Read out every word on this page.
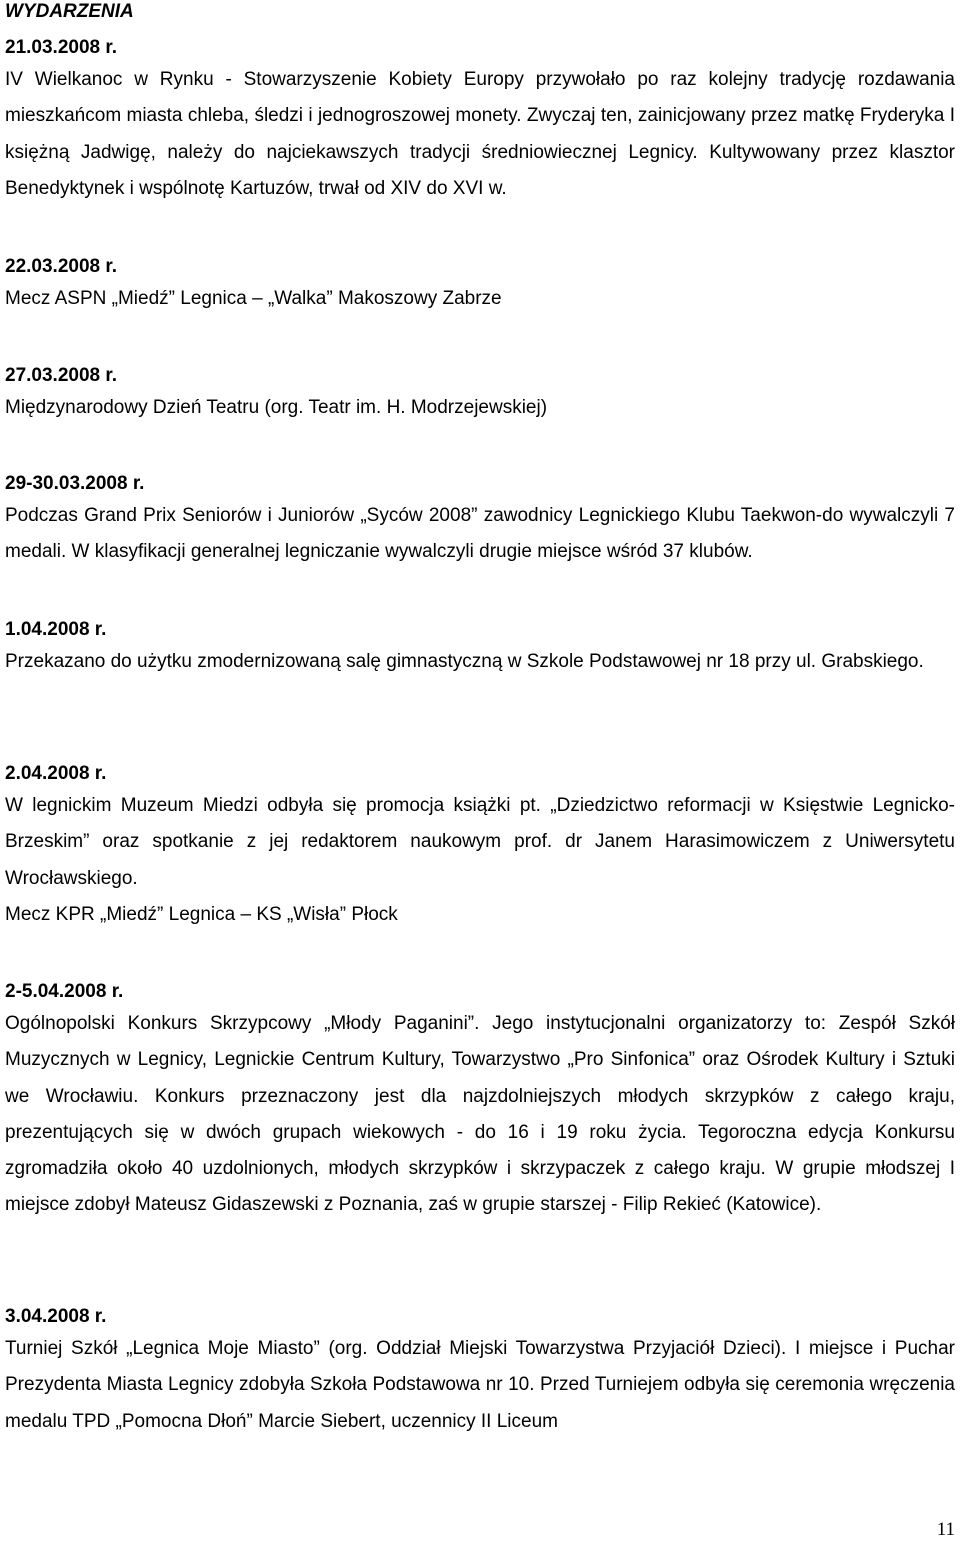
WYDARZENIA
21.03.2008 r.

IV Wielkanoc w Rynku - Stowarzyszenie Kobiety Europy przywołało po raz kolejny tradycję rozdawania mieszkańcom miasta chleba, śledzi i jednogroszowej monety. Zwyczaj ten, zainicjowany przez matkę Fryderyka I księżną Jadwigę, należy do najciekawszych tradycji średniowiecznej Legnicy. Kultywowany przez klasztor Benedyktynek i wspólnotę Kartuzów, trwał od XIV do XVI w.

22.03.2008 r.

Mecz ASPN „Miedź” Legnica – „Walka” Makoszowy Zabrze

27.03.2008 r.

Międzynarodowy Dzień Teatru (org. Teatr im. H. Modrzejewskiej)

29-30.03.2008 r.

Podczas Grand Prix Seniorów i Juniorów „Syców 2008” zawodnicy Legnickiego Klubu Taekwon-do wywalczyli 7 medali. W klasyfikacji generalnej legniczanie wywalczyli drugie miejsce wśród 37 klubów.

1.04.2008 r.

Przekazano do użytku zmodernizowaną salę gimnastyczną w Szkole Podstawowej nr 18 przy ul. Grabskiego.

2.04.2008 r.

W legnickim Muzeum Miedzi odbyła się promocja książki pt. „Dziedzictwo reformacji w Księstwie Legnicko-Brzeskim” oraz spotkanie z jej redaktorem naukowym prof. dr Janem Harasimowiczem z Uniwersytetu Wrocławskiego.

Mecz KPR „Miedź” Legnica – KS „Wisła” Płock

2-5.04.2008 r.

Ogólnopolski Konkurs Skrzypcowy „Młody Paganini”. Jego instytucjonalni organizatorzy to: Zespół Szkół Muzycznych w Legnicy, Legnickie Centrum Kultury, Towarzystwo „Pro Sinfonica” oraz Ośrodek Kultury i Sztuki we Wrocławiu. Konkurs przeznaczony jest dla najzdolniejszych młodych skrzypków z całego kraju, prezentujących się w dwóch grupach wiekowych - do 16 i 19 roku życia. Tegoroczna edycja Konkursu zgromadziła około 40 uzdolnionych, młodych skrzypków i skrzypaczek z całego kraju. W grupie młodszej I miejsce zdobył Mateusz Gidaszewski z Poznania, zaś w grupie starszej - Filip Rekieć (Katowice).

3.04.2008 r.

Turniej Szkół „Legnica Moje Miasto” (org. Oddział Miejski Towarzystwa Przyjaciół Dzieci). I miejsce i Puchar Prezydenta Miasta Legnicy zdobyła Szkoła Podstawowa nr 10. Przed Turniejem odbyła się ceremonia wręczenia medalu TPD „Pomocna Dłoń” Marcie Siebert, uczennicy II Liceum

11
